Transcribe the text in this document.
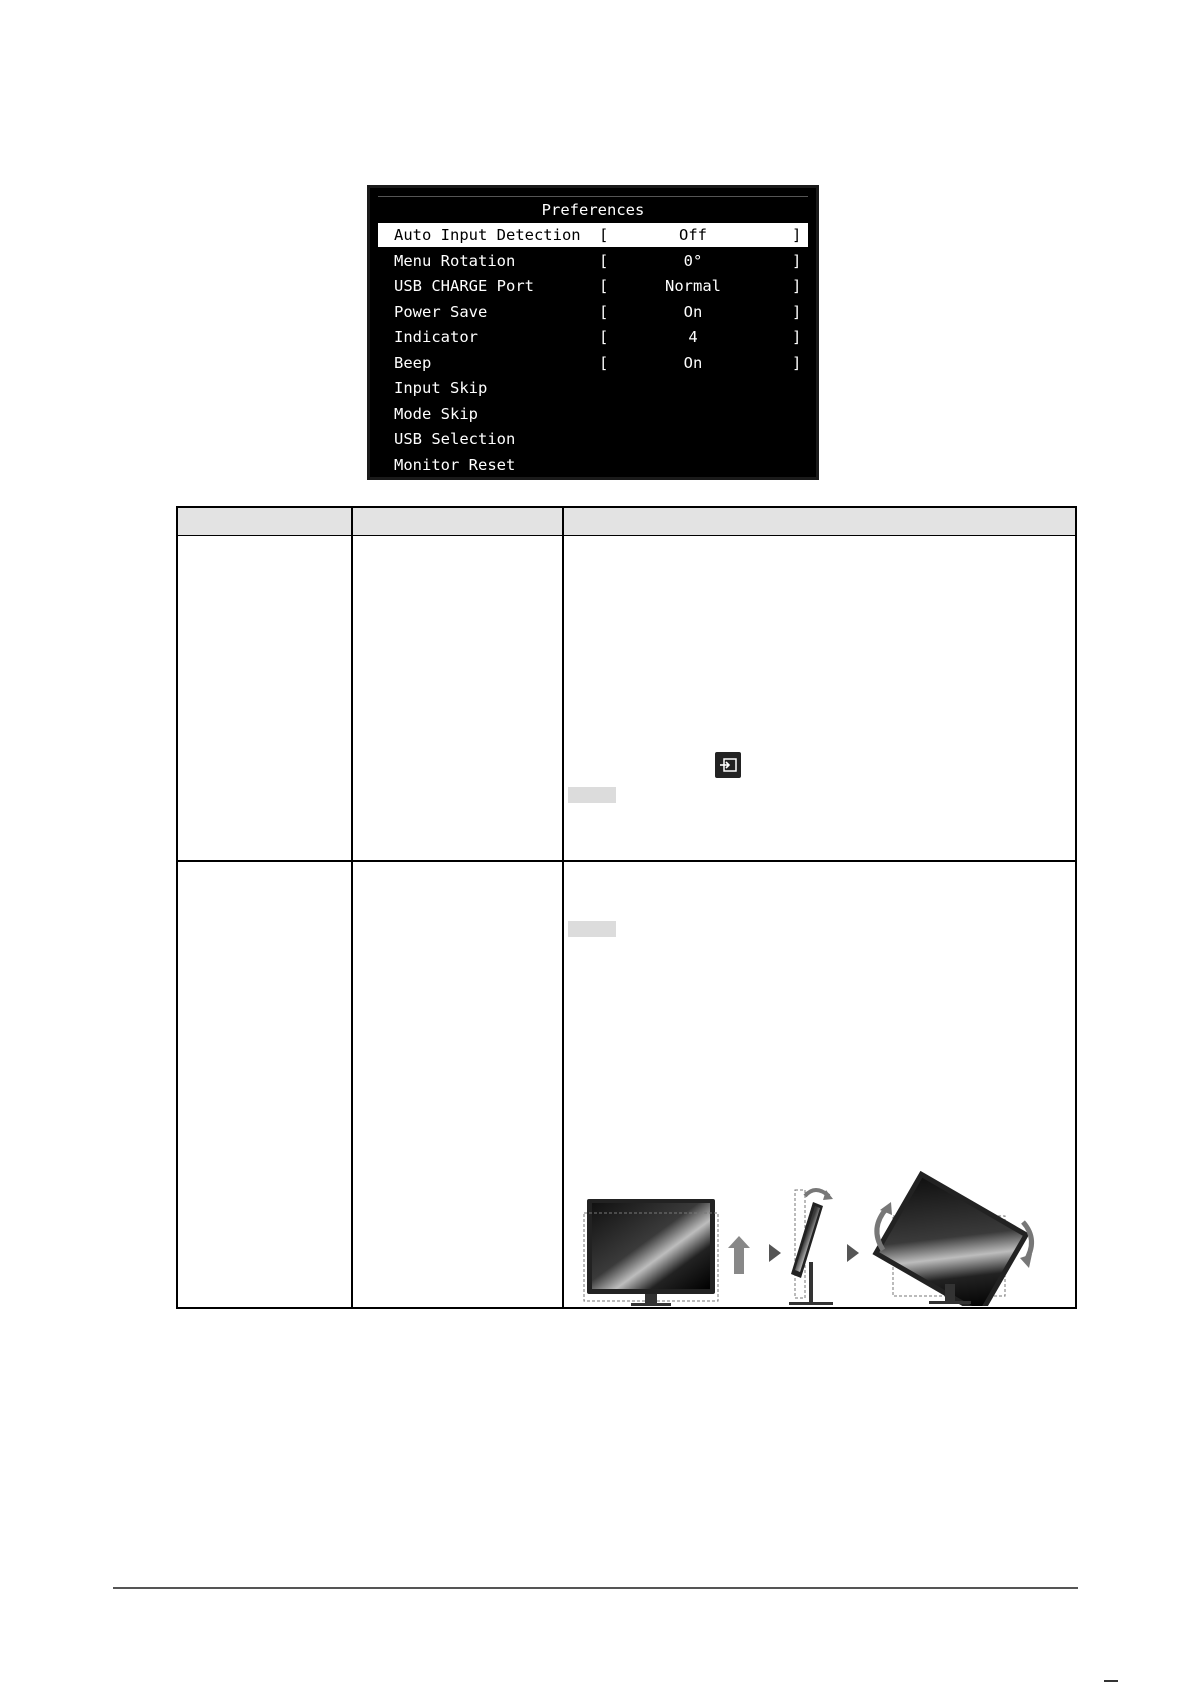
Preferences
Auto Input Detection [	Off	]
Menu Rotation	[	0°	]
USB CHARGE Port	[	Normal	]
Power Save	[	On	]
Indicator	[	4	]
Beep	[	On	]
Input Skip
Mode Skip
USB Selection
Monitor Reset
